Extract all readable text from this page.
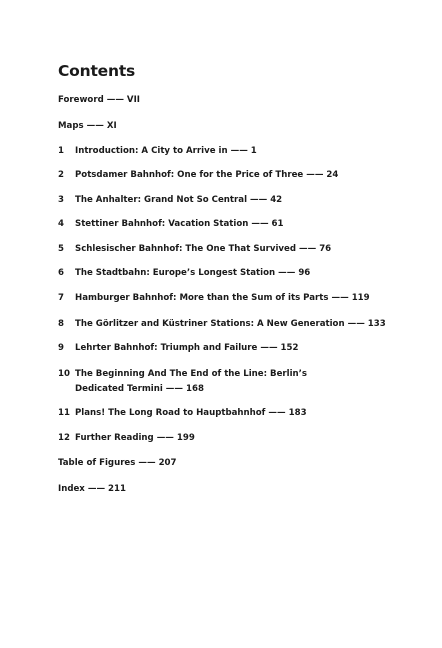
Contents
Foreword —— VII
Maps —— XI
1 Introduction: A City to Arrive in —— 1
2 Potsdamer Bahnhof: One for the Price of Three —— 24
3 The Anhalter: Grand Not So Central —— 42
4 Stettiner Bahnhof: Vacation Station —— 61
5 Schlesischer Bahnhof: The One That Survived —— 76
6 The Stadtbahn: Europe’s Longest Station —— 96
7 Hamburger Bahnhof: More than the Sum of its Parts —— 119
8 The Görlitzer and Küstriner Stations: A New Generation —— 133
9 Lehrter Bahnhof: Triumph and Failure —— 152
10 The Beginning And The End of the Line: Berlin’s Dedicated Termini —— 168
11 Plans! The Long Road to Hauptbahnhof —— 183
12 Further Reading —— 199
Table of Figures —— 207
Index —— 211
